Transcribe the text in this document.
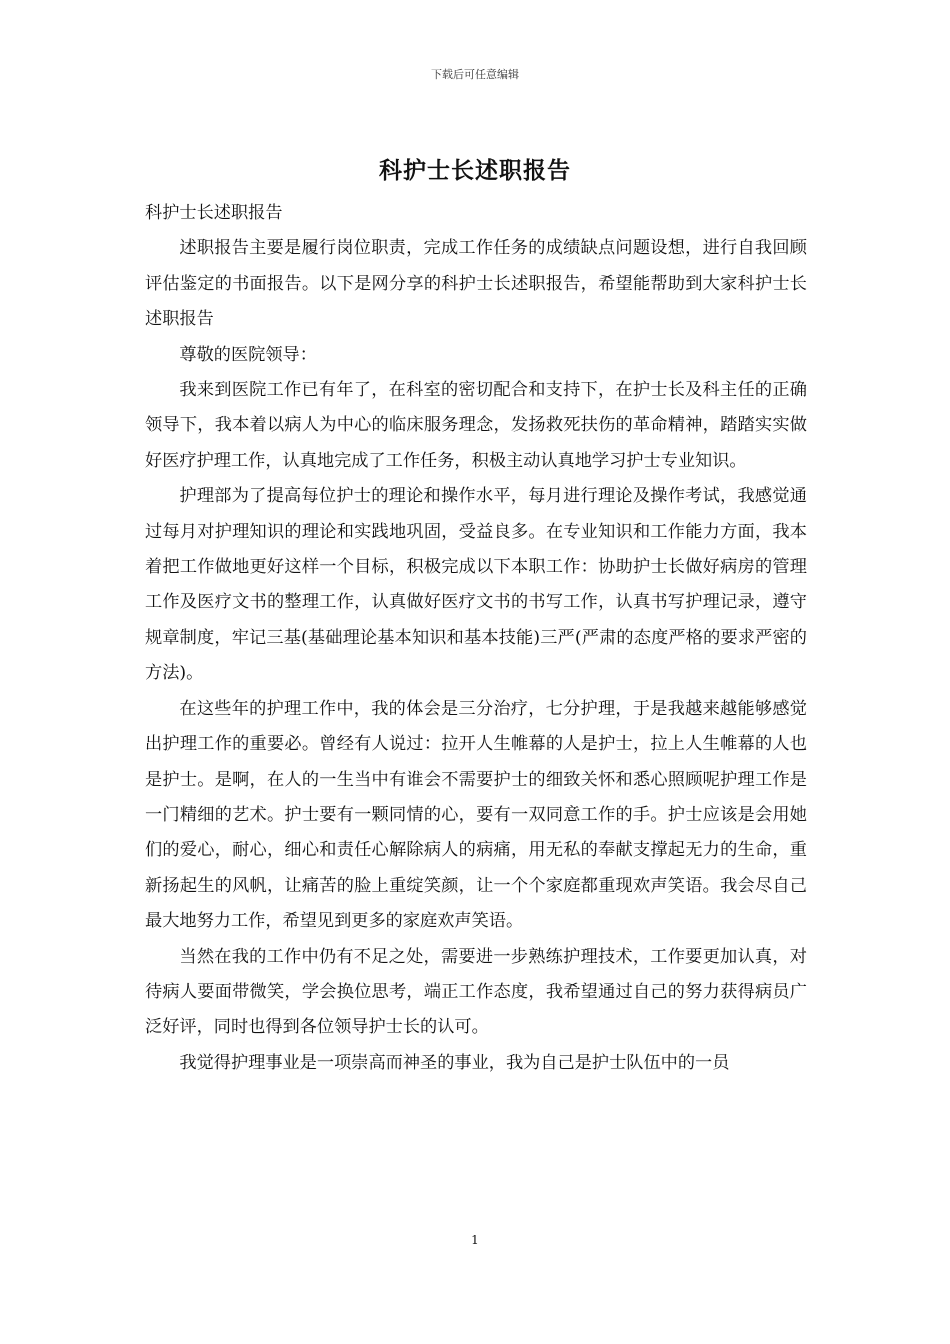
下载后可任意编辑
科护士长述职报告

科护士长述职报告

述职报告主要是履行岗位职责，完成工作任务的成绩缺点问题设想，进行自我回顾评估鉴定的书面报告。以下是网分享的科护士长述职报告，希望能帮助到大家科护士长述职报告

尊敬的医院领导：

我来到医院工作已有年了，在科室的密切配合和支持下，在护士长及科主任的正确领导下，我本着以病人为中心的临床服务理念，发扬救死扶伤的革命精神，踏踏实实做好医疗护理工作，认真地完成了工作任务，积极主动认真地学习护士专业知识。

护理部为了提高每位护士的理论和操作水平，每月进行理论及操作考试，我感觉通过每月对护理知识的理论和实践地巩固，受益良多。在专业知识和工作能力方面，我本着把工作做地更好这样一个目标，积极完成以下本职工作：协助护士长做好病房的管理工作及医疗文书的整理工作，认真做好医疗文书的书写工作，认真书写护理记录，遵守规章制度，牢记三基(基础理论基本知识和基本技能)三严(严肃的态度严格的要求严密的方法)。

在这些年的护理工作中，我的体会是三分治疗，七分护理，于是我越来越能够感觉出护理工作的重要必。曾经有人说过：拉开人生帷幕的人是护士，拉上人生帷幕的人也是护士。是啊，在人的一生当中有谁会不需要护士的细致关怀和悉心照顾呢护理工作是一门精细的艺术。护士要有一颗同情的心，要有一双同意工作的手。护士应该是会用她们的爱心，耐心，细心和责任心解除病人的病痛，用无私的奉献支撑起无力的生命，重新扬起生的风帆，让痛苦的脸上重绽笑颜，让一个个家庭都重现欢声笑语。我会尽自己最大地努力工作，希望见到更多的家庭欢声笑语。

当然在我的工作中仍有不足之处，需要进一步熟练护理技术，工作要更加认真，对待病人要面带微笑，学会换位思考，端正工作态度，我希望通过自己的努力获得病员广泛好评，同时也得到各位领导护士长的认可。

我觉得护理事业是一项崇高而神圣的事业，我为自己是护士队伍中的一员

1
